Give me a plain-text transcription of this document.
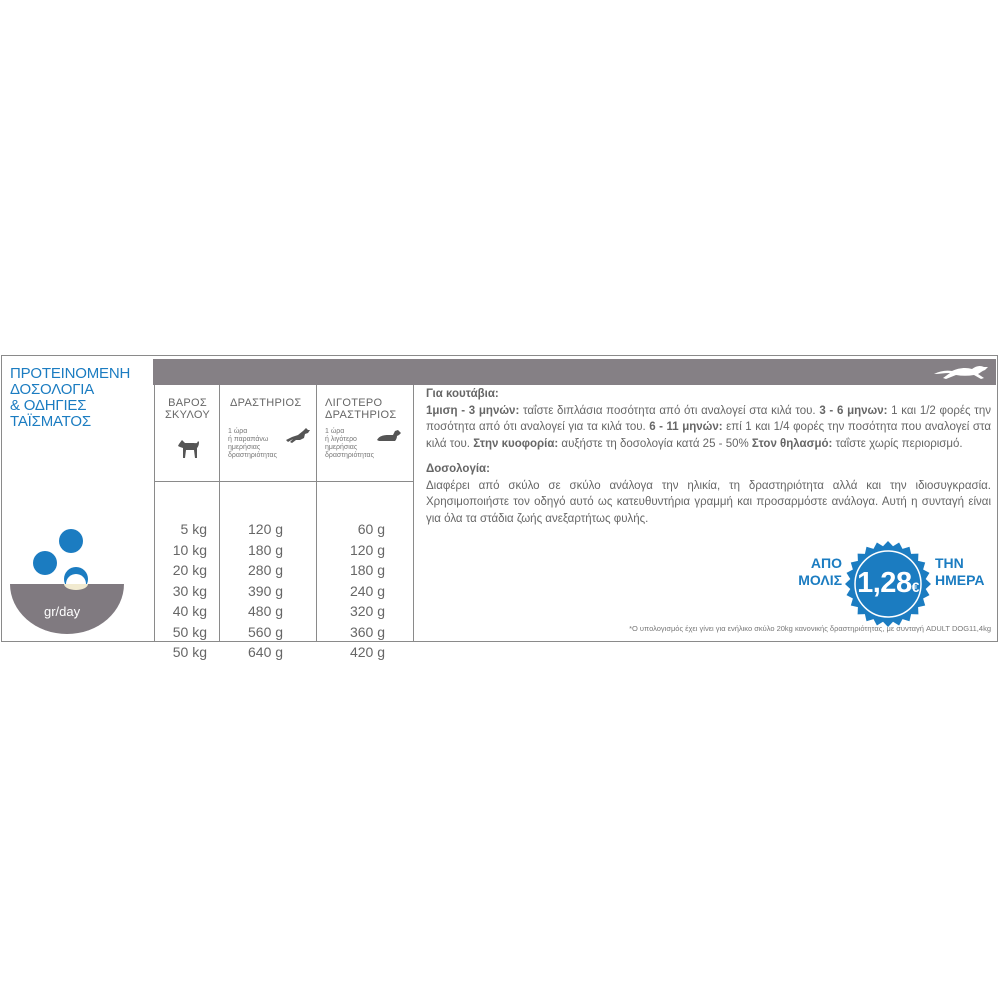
ΠΡΟΤΕΙΝΟΜΕΝΗ
ΔΟΣΟΛΟΓΙΑ
& ΟΔΗΓΙΕΣ
ΤΑΪΣΜΑΤΟΣ
gr/day
ΒΑΡΟΣ
ΣΚΥΛΟΥ
5 kg
10 kg
20 kg
30 kg
40 kg
50 kg
50 kg
ΔΡΑΣΤΗΡΙΟΣ
1 ώρα
ή παραπάνω
ημερήσιας
δραστηριότητας
120 g
180 g
280 g
390 g
480 g
560 g
640 g
ΛΙΓΟΤΕΡΟ
ΔΡΑΣΤΗΡΙΟΣ
1 ώρα
ή λιγότερο
ημερήσιας
δραστηριότητας
60 g
120 g
180 g
240 g
320 g
360 g
420 g
Για κουτάβια:

1μιση - 3 μηνών: ταΐστε διπλάσια ποσότητα από ότι αναλογεί στα κιλά του. 3 - 6 μηνων: 1 και 1/2 φορές την ποσότητα από ότι αναλογεί για τα κιλά του. 6 - 11 μηνών: επί 1 και 1/4 φορές την ποσότητα που αναλογεί στα κιλά του. Στην κυοφορία: αυξήστε τη δοσολογία κατά 25 - 50% Στον θηλασμό: ταΐστε χωρίς περιορισμό.

Δοσολογία:

Διαφέρει από σκύλο σε σκύλο ανάλογα την ηλικία, τη δραστηριότητα αλλά και την ιδιοσυγκρασία. Χρησιμοποιήστε τον οδηγό αυτό ως κατευθυντήρια γραμμή και προσαρμόστε ανάλογα. Αυτή η συνταγή είναι για όλα τα στάδια ζωής ανεξαρτήτως φυλής.

ΑΠΟ
ΜΟΛΙΣ 1,28€
ΤΗΝ
ΗΜΕΡΑ
*Ο υπολογισμός έχει γίνει για ενήλικο σκύλο 20kg κανονικής δραστηριότητας, με συνταγή ADULT DOG11,4kg
